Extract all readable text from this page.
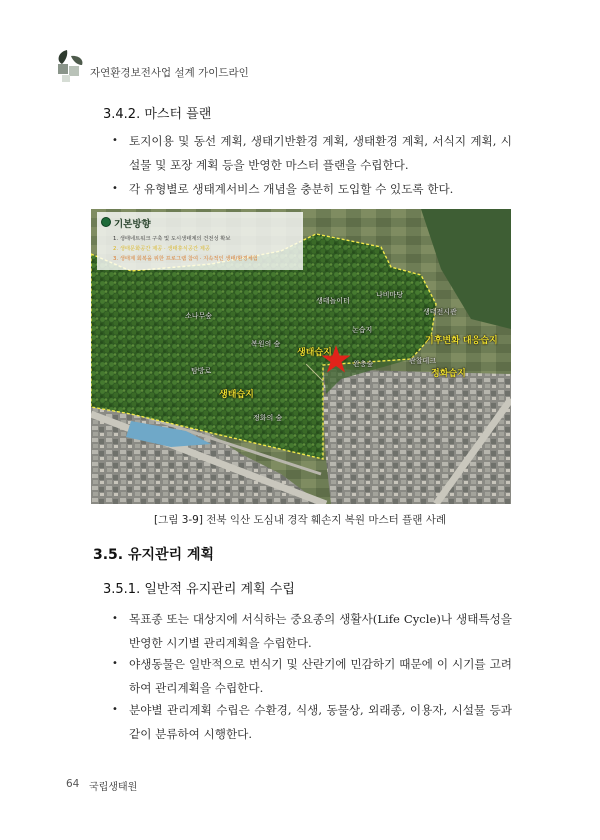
자연환경보전사업 설계 가이드라인
3.4.2. 마스터 플랜
• 토지이용 및 동선 계획, 생태기반환경 계획, 생태환경 계획, 서식지 계획, 시설물 및 포장 계획 등을 반영한 마스터 플랜을 수립한다.
• 각 유형별로 생태계서비스 개념을 충분히 도입할 수 있도록 한다.
기본방향
1. 생태네트워크 구축 및 도시생태계의 건전성 확보
2. 생태문화공간 제공 · 생태휴식공간 제공
3. 생태계 회복을 위한 프로그램 참여 · 지속적인 생태/환경체험
소나무숲
복원의 숲
탐방로
정화의 숲
나비마당
생태놀이터
생태전시관
논습지
관찰데크
완충숲
생태습지
생태습지
기후변화 대응습지
정화습지
[그림 3-9] 전북 익산 도심내 경작 훼손지 복원 마스터 플랜 사례
3.5. 유지관리 계획
3.5.1. 일반적 유지관리 계획 수립
• 목표종 또는 대상지에 서식하는 중요종의 생활사(Life Cycle)나 생태특성을 반영한 시기별 관리계획을 수립한다.
• 야생동물은 일반적으로 번식기 및 산란기에 민감하기 때문에 이 시기를 고려하여 관리계획을 수립한다.
• 분야별 관리계획 수립은 수환경, 식생, 동물상, 외래종, 이용자, 시설물 등과 같이 분류하여 시행한다.
64 국립생태원
